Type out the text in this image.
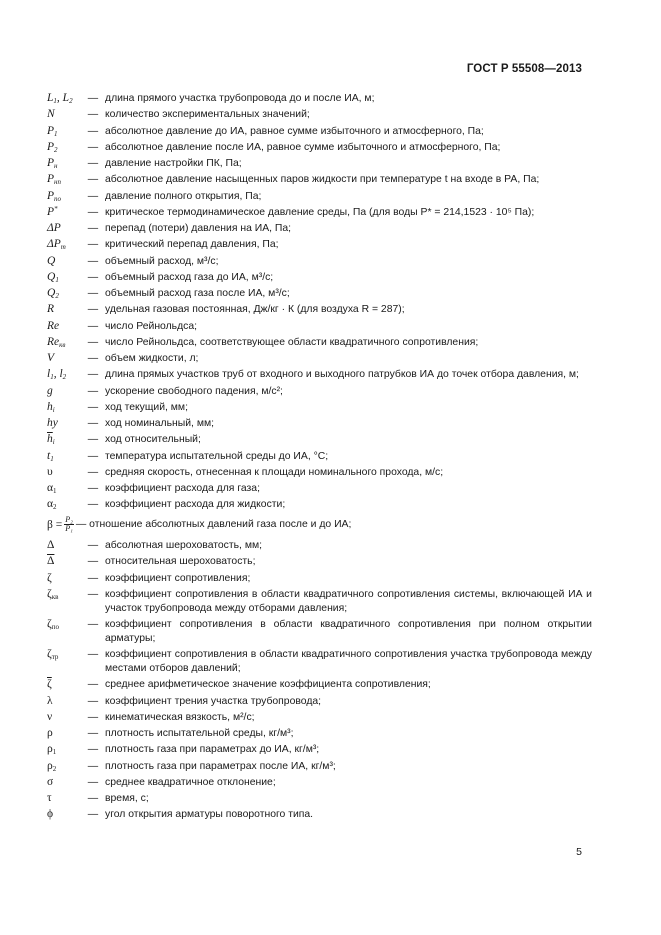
ГОСТ Р 55508—2013
$L_1$, $L_2$	— длина прямого участка трубопровода до и после ИА, м;
N	— количество экспериментальных значений;
$P_1$	— абсолютное давление до ИА, равное сумме избыточного и атмосферного, Па;
$P_2$	— абсолютное давление после ИА, равное сумме избыточного и атмосферного, Па;
$P_н$	— давление настройки ПК, Па;
$P_{нп}$	— абсолютное давление насыщенных паров жидкости при температуре t на входе в РА, Па;
$P_{по}$	— давление полного открытия, Па;
P*	— критическое термодинамическое давление среды, Па (для воды P* = 214,1523 · 10⁵ Па);
ΔP	— перепад (потери) давления на ИА, Па;
$\Delta P_m$	— критический перепад давления, Па;
Q	— объемный расход, м³/с;
$Q_1$	— объемный расход газа до ИА, м³/с;
$Q_2$	— объемный расход газа после ИА, м³/с;
R	— удельная газовая постоянная, Дж/кг · К (для воздуха R = 287);
Re	— число Рейнольдса;
$Re_{кв}$	— число Рейнольдса, соответствующее области квадратичного сопротивления;
V	— объем жидкости, л;
$l_1$, $l_2$	— длина прямых участков труб от входного и выходного патрубков ИА до точек отбора давления, м;
g	— ускорение свободного падения, м/с²;
$h_i$	— ход текущий, мм;
hy	— ход номинальный, мм;
$\overline{h}_i$	— ход относительный;
$t_1$	— температура испытательной среды до ИА, °С;
υ	— средняя скорость, отнесенная к площади номинального прохода, м/с;
$\alpha_1$	— коэффициент расхода для газа;
$\alpha_2$	— коэффициент расхода для жидкости;
$\beta = \frac{\text{P₂}}{\text{P₁}}$ — отношение абсолютных давлений газа после и до ИА;
Δ	— абсолютная шероховатость, мм;
$\overline{\Delta}$	— относительная шероховатость;
ζ	— коэффициент сопротивления;
$\zeta_{кв}$	— коэффициент сопротивления в области квадратичного сопротивления системы, включающей ИА и участок трубопровода между отборами давления;
$\zeta_{по}$	— коэффициент сопротивления в области квадратичного сопротивления при полном открытии арматуры;
$\zeta_{тр}$	— коэффициент сопротивления в области квадратичного сопротивления участка трубопровода между местами отборов давлений;
$\overline{\zeta}$	— среднее арифметическое значение коэффициента сопротивления;
λ	— коэффициент трения участка трубопровода;
ν	— кинематическая вязкость, м²/с;
ρ	— плотность испытательной среды, кг/м³;
$\rho_1$	— плотность газа при параметрах до ИА, кг/м³;
$\rho_2$	— плотность газа при параметрах после ИА, кг/м³;
σ	— среднее квадратичное отклонение;
τ	— время, с;
ϕ	— угол открытия арматуры поворотного типа.
5
